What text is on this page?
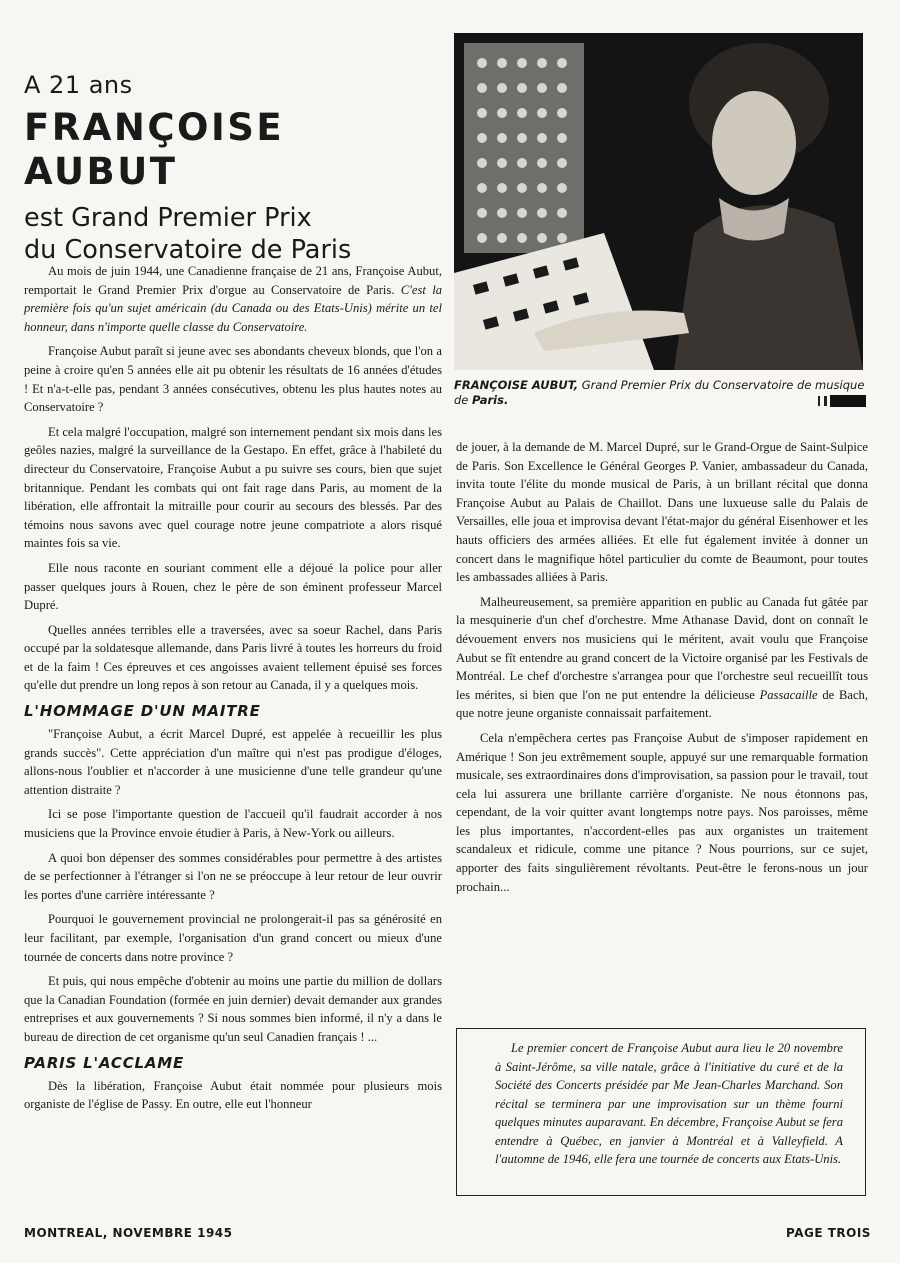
A 21 ans
FRANÇOISE AUBUT
est Grand Premier Prix
du Conservatoire de Paris
FRANÇOISE AUBUT, Grand Premier Prix du Conservatoire de musique de Paris.

Au mois de juin 1944, une Canadienne française de 21 ans, Françoise Aubut, remportait le Grand Premier Prix d'orgue au Conservatoire de Paris. C'est la première fois qu'un sujet américain (du Canada ou des Etats-Unis) mérite un tel honneur, dans n'importe quelle classe du Conservatoire.

Françoise Aubut paraît si jeune avec ses abondants cheveux blonds, que l'on a peine à croire qu'en 5 années elle ait pu obtenir les résultats de 16 années d'études ! Et n'a-t-elle pas, pendant 3 années consécutives, obtenu les plus hautes notes au Conservatoire ?

Et cela malgré l'occupation, malgré son internement pendant six mois dans les geôles nazies, malgré la surveillance de la Gestapo. En effet, grâce à l'habileté du directeur du Conservatoire, Françoise Aubut a pu suivre ses cours, bien que sujet britannique. Pendant les combats qui ont fait rage dans Paris, au moment de la libération, elle affrontait la mitraille pour courir au secours des blessés. Par des témoins nous savons avec quel courage notre jeune compatriote a alors risqué maintes fois sa vie.

Elle nous raconte en souriant comment elle a déjoué la police pour aller passer quelques jours à Rouen, chez le père de son éminent professeur Marcel Dupré.

Quelles années terribles elle a traversées, avec sa soeur Rachel, dans Paris occupé par la soldatesque allemande, dans Paris livré à toutes les horreurs du froid et de la faim ! Ces épreuves et ces angoisses avaient tellement épuisé ses forces qu'elle dut prendre un long repos à son retour au Canada, il y a quelques mois.

L'HOMMAGE D'UN MAITRE

"Françoise Aubut, a écrit Marcel Dupré, est appelée à recueillir les plus grands succès". Cette appréciation d'un maître qui n'est pas prodigue d'éloges, allons-nous l'oublier et n'accorder à une musicienne d'une telle grandeur qu'une attention distraite ?

Ici se pose l'importante question de l'accueil qu'il faudrait accorder à nos musiciens que la Province envoie étudier à Paris, à New-York ou ailleurs.

A quoi bon dépenser des sommes considérables pour permettre à des artistes de se perfectionner à l'étranger si l'on ne se préoccupe à leur retour de leur ouvrir les portes d'une carrière intéressante ?

Pourquoi le gouvernement provincial ne prolongerait-il pas sa générosité en leur facilitant, par exemple, l'organisation d'un grand concert ou mieux d'une tournée de concerts dans notre province ?

Et puis, qui nous empêche d'obtenir au moins une partie du million de dollars que la Canadian Foundation (formée en juin dernier) devait demander aux grandes entreprises et aux gouvernements ? Si nous sommes bien informé, il n'y a dans le bureau de direction de cet organisme qu'un seul Canadien français ! ...

PARIS L'ACCLAME

Dès la libération, Françoise Aubut était nommée pour plusieurs mois organiste de l'église de Passy. En outre, elle eut l'honneur

de jouer, à la demande de M. Marcel Dupré, sur le Grand-Orgue de Saint-Sulpice de Paris. Son Excellence le Général Georges P. Vanier, ambassadeur du Canada, invita toute l'élite du monde musical de Paris, à un brillant récital que donna Françoise Aubut au Palais de Chaillot. Dans une luxueuse salle du Palais de Versailles, elle joua et improvisa devant l'état-major du général Eisenhower et les hauts officiers des armées alliées. Et elle fut également invitée à donner un concert dans le magnifique hôtel particulier du comte de Beaumont, pour toutes les ambassades alliées à Paris.

Malheureusement, sa première apparition en public au Canada fut gâtée par la mesquinerie d'un chef d'orchestre. Mme Athanase David, dont on connaît le dévouement envers nos musiciens qui le méritent, avait voulu que Françoise Aubut se fît entendre au grand concert de la Victoire organisé par les Festivals de Montréal. Le chef d'orchestre s'arrangea pour que l'orchestre seul recueillît tous les mérites, si bien que l'on ne put entendre la délicieuse Passacaille de Bach, que notre jeune organiste connaissait parfaitement.

Cela n'empêchera certes pas Françoise Aubut de s'imposer rapidement en Amérique ! Son jeu extrêmement souple, appuyé sur une remarquable formation musicale, ses extraordinaires dons d'improvisation, sa passion pour le travail, tout cela lui assurera une brillante carrière d'organiste. Ne nous étonnons pas, cependant, de la voir quitter avant longtemps notre pays. Nos paroisses, même les plus importantes, n'accordent-elles pas aux organistes un traitement scandaleux et ridicule, comme une pitance ? Nous pourrions, sur ce sujet, apporter des faits singulièrement révoltants. Peut-être le ferons-nous un jour prochain...

Le premier concert de Françoise Aubut aura lieu le 20 novembre à Saint-Jérôme, sa ville natale, grâce à l'initiative du curé et de la Société des Concerts présidée par Me Jean-Charles Marchand. Son récital se terminera par une improvisation sur un thème fourni quelques minutes auparavant. En décembre, Françoise Aubut se fera entendre à Québec, en janvier à Montréal et à Valleyfield. A l'automne de 1946, elle fera une tournée de concerts aux Etats-Unis.

MONTREAL, NOVEMBRE 1945	PAGE TROIS
